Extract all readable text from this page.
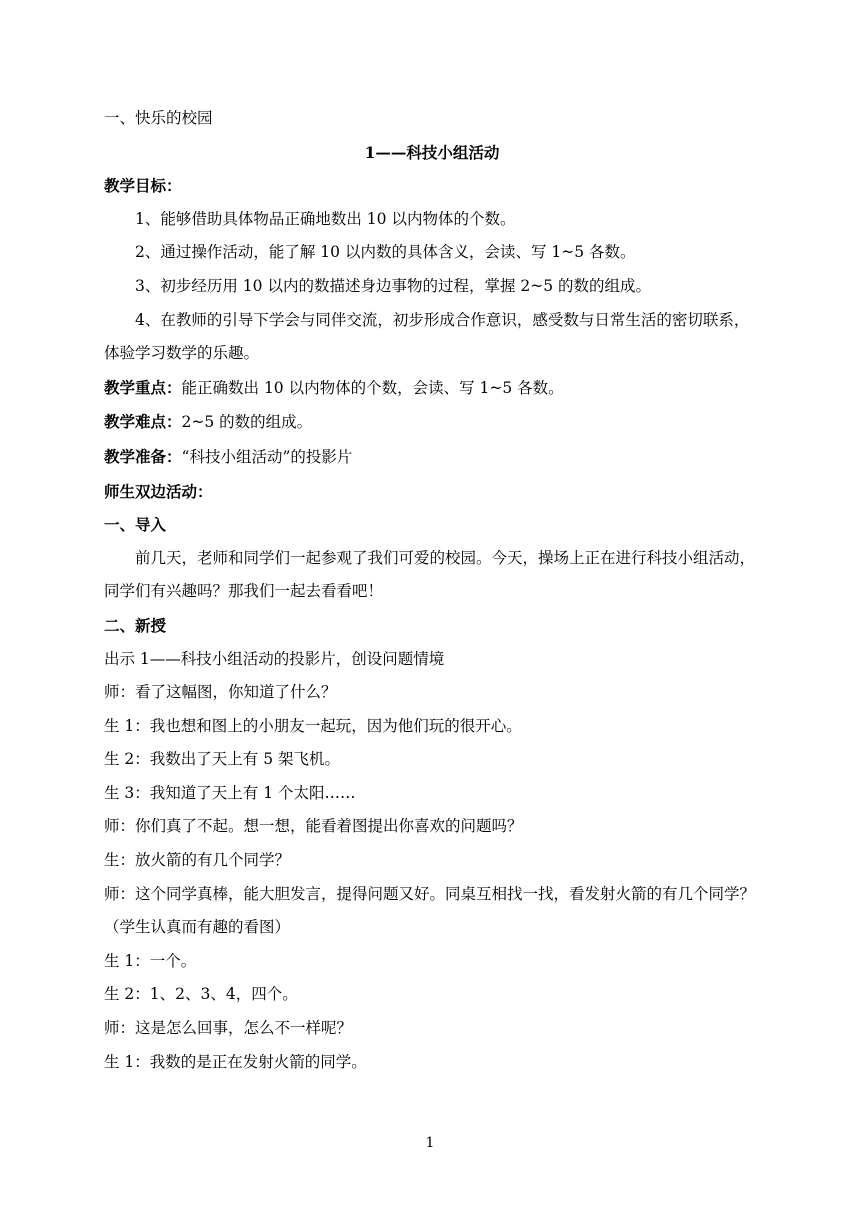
一、快乐的校园

1——科技小组活动

教学目标：

1、能够借助具体物品正确地数出 10 以内物体的个数。

2、通过操作活动，能了解 10 以内数的具体含义，会读、写 1~5 各数。

3、初步经历用 10 以内的数描述身边事物的过程，掌握 2~5 的数的组成。

4、在教师的引导下学会与同伴交流，初步形成合作意识，感受数与日常生活的密切联系，体验学习数学的乐趣。

教学重点：能正确数出 10 以内物体的个数，会读、写 1~5 各数。

教学难点：2~5 的数的组成。

教学准备：“科技小组活动”的投影片

师生双边活动：

一、导入

前几天，老师和同学们一起参观了我们可爱的校园。今天，操场上正在进行科技小组活动，同学们有兴趣吗？那我们一起去看看吧！

二、新授

出示 1——科技小组活动的投影片，创设问题情境

师：看了这幅图，你知道了什么？

生 1：我也想和图上的小朋友一起玩，因为他们玩的很开心。

生 2：我数出了天上有 5 架飞机。

生 3：我知道了天上有 1 个太阳……

师：你们真了不起。想一想，能看着图提出你喜欢的问题吗？

生：放火箭的有几个同学？

师：这个同学真棒，能大胆发言，提得问题又好。同桌互相找一找，看发射火箭的有几个同学？

（学生认真而有趣的看图）

生 1：一个。

生 2：1、2、3、4，四个。

师：这是怎么回事，怎么不一样呢？

生 1：我数的是正在发射火箭的同学。

1
